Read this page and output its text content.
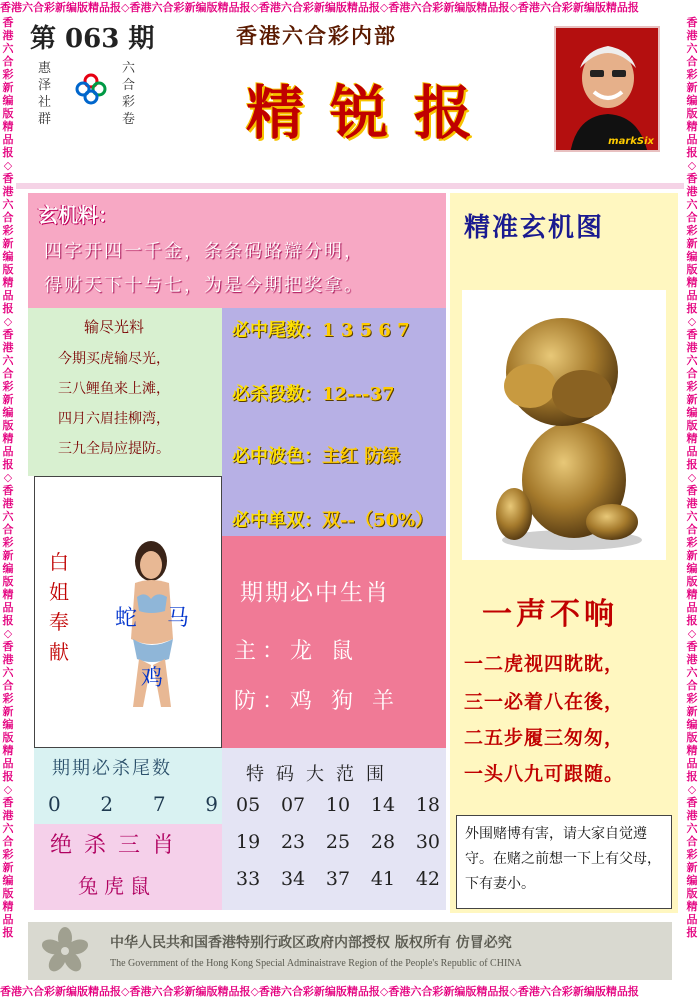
香港六合彩新编版精品报◇香港六合彩新编版精品报◇香港六合彩新编版精品报◇香港六合彩新编版精品报◇香港六合彩新编版精品报
香港六合彩新编版精品报◇香港六合彩新编版精品报◇香港六合彩新编版精品报◇香港六合彩新编版精品报◇香港六合彩新编版精品报
香港六合彩新编版精品报◇香港六合彩新编版精品报◇香港六合彩新编版精品报◇香港六合彩新编版精品报◇香港六合彩新编版精品报◇香港六合彩新编版精品报
香港六合彩新编版精品报◇香港六合彩新编版精品报◇香港六合彩新编版精品报◇香港六合彩新编版精品报◇香港六合彩新编版精品报◇香港六合彩新编版精品报
第 063 期
惠泽社群
六合彩卷
香港六合彩内部
精锐报	markSix
玄机料：
四字开四一千金，条条码路辯分明，
得财天下十与七，为是今期把奖拿。
输尽光料
今期买虎输尽光，
三八鲤鱼来上滩，
四月六眉挂柳湾，
三九全局应提防。
必中尾数：1 3 5 6 7
必杀段数：12---37
必中波色：主红 防绿
必中单双：双--（50%）
白姐奉献
蛇 马
鸡
期期必中生肖
主：龙 鼠
防：鸡 狗 羊
期期必杀尾数
0 2 7 9
绝杀三肖
兔虎鼠
特码大范围
05 07 10 14 18
19 23 25 28 30
33 34 37 41 42
精准玄机图
一声不响
一二虎视四眈眈，
三一必着八在後，
二五步履三匆匆，
一头八九可跟随。
外围赌博有害，请大家自觉遵守。在赌之前想一下上有父母，下有妻小。
中华人民共和国香港特别行政区政府内部授权 版权所有 仿冒必究
The Government of the Hong Kong Special Adminaistrave Region of the People's Republic of CHINA
